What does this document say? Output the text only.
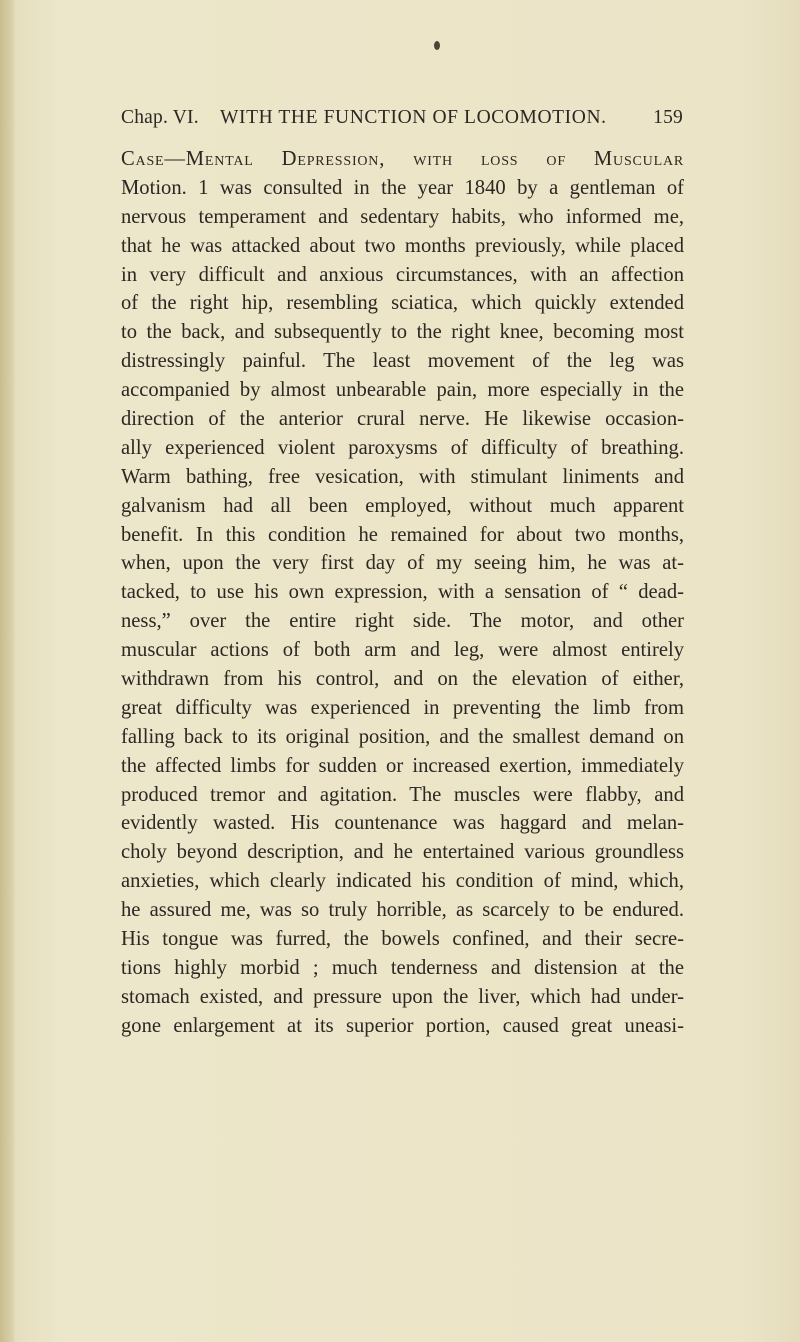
Chap. VI. WITH THE FUNCTION OF LOCOMOTION. 159
Case—Mental Depression, with loss of Muscular
Motion. 1 was consulted in the year 1840 by a gentleman of
nervous temperament and sedentary habits, who informed me,
that he was attacked about two months previously, while placed
in very difficult and anxious circumstances, with an affection
of the right hip, resembling sciatica, which quickly extended
to the back, and subsequently to the right knee, becoming most
distressingly painful. The least movement of the leg was
accompanied by almost unbearable pain, more especially in the
direction of the anterior crural nerve. He likewise occasion-
ally experienced violent paroxysms of difficulty of breathing.
Warm bathing, free vesication, with stimulant liniments and
galvanism had all been employed, without much apparent
benefit. In this condition he remained for about two months,
when, upon the very first day of my seeing him, he was at-
tacked, to use his own expression, with a sensation of “ dead-
ness,” over the entire right side. The motor, and other
muscular actions of both arm and leg, were almost entirely
withdrawn from his control, and on the elevation of either,
great difficulty was experienced in preventing the limb from
falling back to its original position, and the smallest demand on
the affected limbs for sudden or increased exertion, immediately
produced tremor and agitation. The muscles were flabby, and
evidently wasted. His countenance was haggard and melan-
choly beyond description, and he entertained various groundless
anxieties, which clearly indicated his condition of mind, which,
he assured me, was so truly horrible, as scarcely to be endured.
His tongue was furred, the bowels confined, and their secre-
tions highly morbid ; much tenderness and distension at the
stomach existed, and pressure upon the liver, which had under-
gone enlargement at its superior portion, caused great uneasi-
